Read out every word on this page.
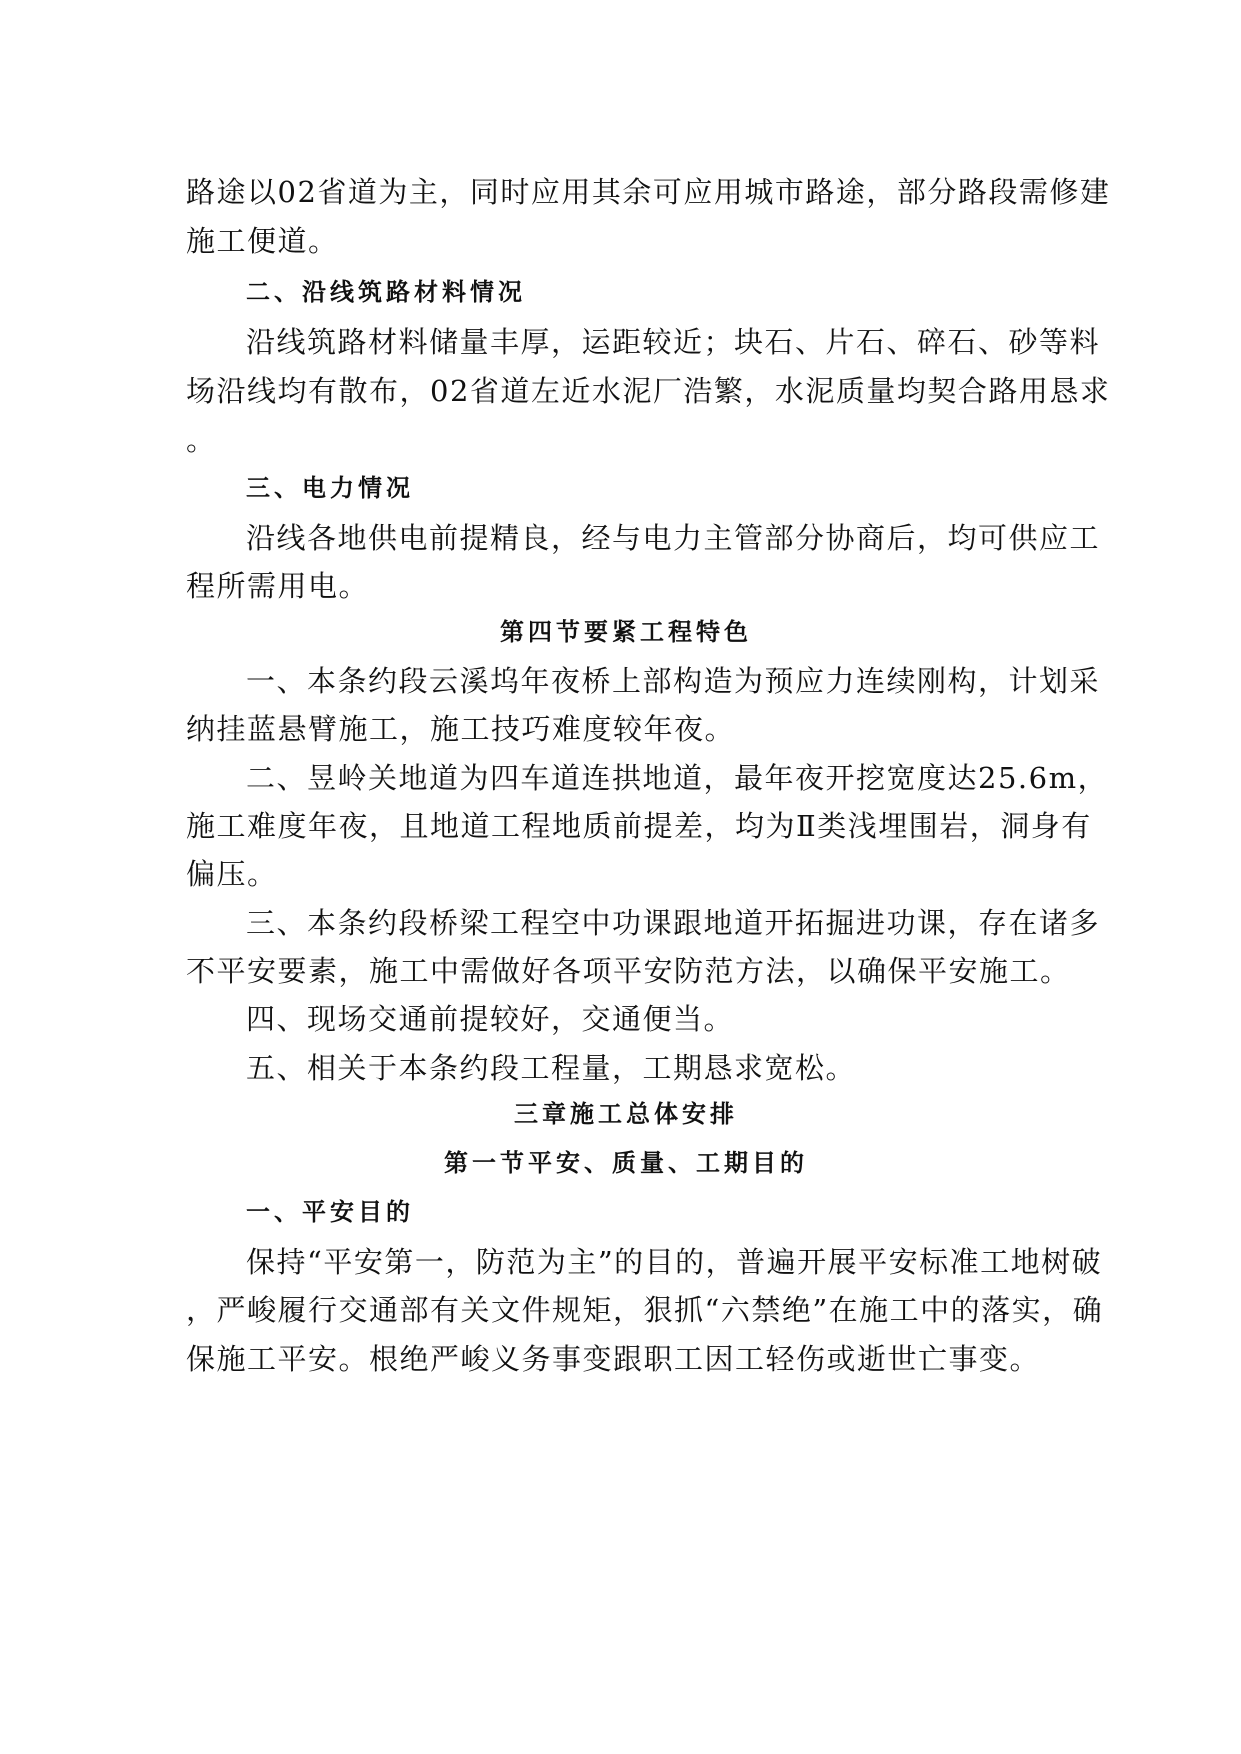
路途以02省道为主，同时应用其余可应用城市路途，部分路段需修建
施工便道。
二、沿线筑路材料情况
沿线筑路材料储量丰厚，运距较近；块石、片石、碎石、砂等料
场沿线均有散布，02省道左近水泥厂浩繁，水泥质量均契合路用恳求
。
三、电力情况
沿线各地供电前提精良，经与电力主管部分协商后，均可供应工
程所需用电。
第四节要紧工程特色
一、本条约段云溪坞年夜桥上部构造为预应力连续刚构，计划采
纳挂蓝悬臂施工，施工技巧难度较年夜。
二、昱岭关地道为四车道连拱地道，最年夜开挖宽度达25.6m，
施工难度年夜，且地道工程地质前提差，均为Ⅱ类浅埋围岩，洞身有
偏压。
三、本条约段桥梁工程空中功课跟地道开拓掘进功课，存在诸多
不平安要素，施工中需做好各项平安防范方法，以确保平安施工。
四、现场交通前提较好，交通便当。
五、相关于本条约段工程量，工期恳求宽松。
三章施工总体安排
第一节平安、质量、工期目的
一、平安目的
保持“平安第一，防范为主”的目的，普遍开展平安标准工地树破
，严峻履行交通部有关文件规矩，狠抓“六禁绝”在施工中的落实，确
保施工平安。根绝严峻义务事变跟职工因工轻伤或逝世亡事变。
